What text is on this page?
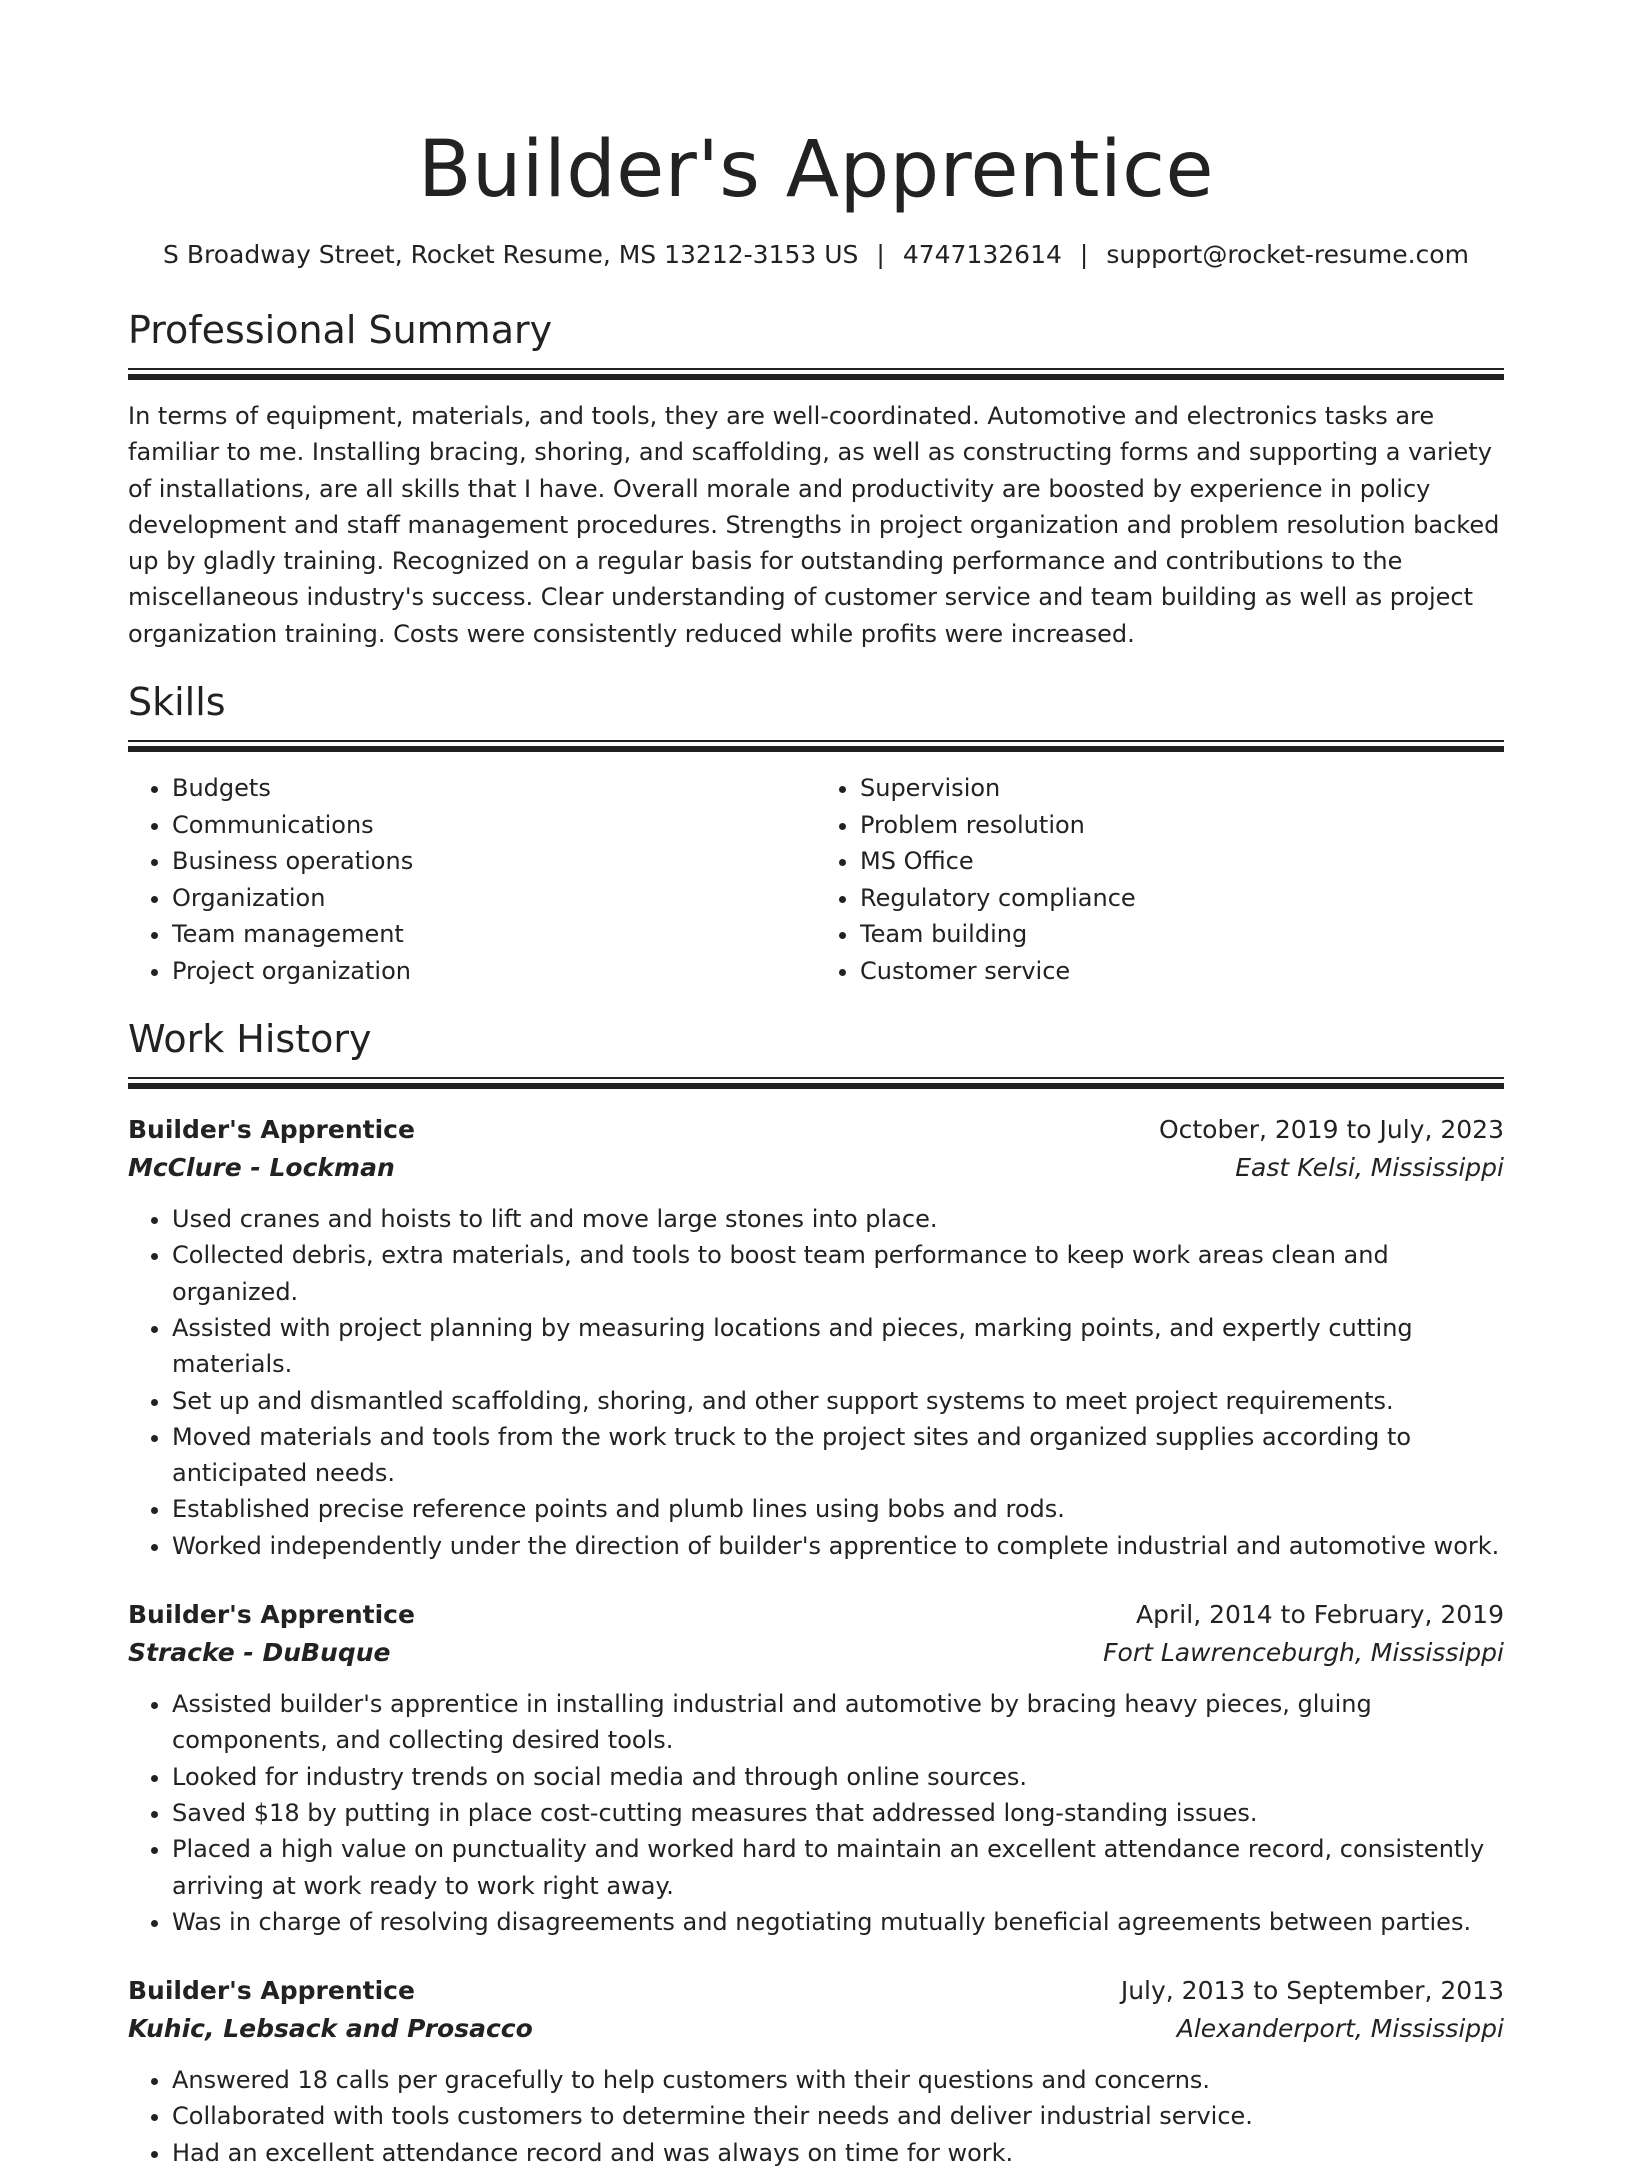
Builder's Apprentice
S Broadway Street, Rocket Resume, MS 13212-3153 US | 4747132614 | support@rocket-resume.com
Professional Summary
In terms of equipment, materials, and tools, they are well-coordinated. Automotive and electronics tasks are familiar to me. Installing bracing, shoring, and scaffolding, as well as constructing forms and supporting a variety of installations, are all skills that I have. Overall morale and productivity are boosted by experience in policy development and staff management procedures. Strengths in project organization and problem resolution backed up by gladly training. Recognized on a regular basis for outstanding performance and contributions to the miscellaneous industry's success. Clear understanding of customer service and team building as well as project organization training. Costs were consistently reduced while profits were increased.
Skills
• Budgets
• Communications
• Business operations
• Organization
• Team management
• Project organization
• Supervision
• Problem resolution
• MS Office
• Regulatory compliance
• Team building
• Customer service
Work History
Builder's Apprentice	October, 2019 to July, 2023
McClure - Lockman	East Kelsi, Mississippi
• Used cranes and hoists to lift and move large stones into place.
• Collected debris, extra materials, and tools to boost team performance to keep work areas clean and organized.
• Assisted with project planning by measuring locations and pieces, marking points, and expertly cutting materials.
• Set up and dismantled scaffolding, shoring, and other support systems to meet project requirements.
• Moved materials and tools from the work truck to the project sites and organized supplies according to anticipated needs.
• Established precise reference points and plumb lines using bobs and rods.
• Worked independently under the direction of builder's apprentice to complete industrial and automotive work.
Builder's Apprentice	April, 2014 to February, 2019
Stracke - DuBuque	Fort Lawrenceburgh, Mississippi
• Assisted builder's apprentice in installing industrial and automotive by bracing heavy pieces, gluing components, and collecting desired tools.
• Looked for industry trends on social media and through online sources.
• Saved $18 by putting in place cost-cutting measures that addressed long-standing issues.
• Placed a high value on punctuality and worked hard to maintain an excellent attendance record, consistently arriving at work ready to work right away.
• Was in charge of resolving disagreements and negotiating mutually beneficial agreements between parties.
Builder's Apprentice	July, 2013 to September, 2013
Kuhic, Lebsack and Prosacco	Alexanderport, Mississippi
• Answered 18 calls per gracefully to help customers with their questions and concerns.
• Collaborated with tools customers to determine their needs and deliver industrial service.
• Had an excellent attendance record and was always on time for work.
